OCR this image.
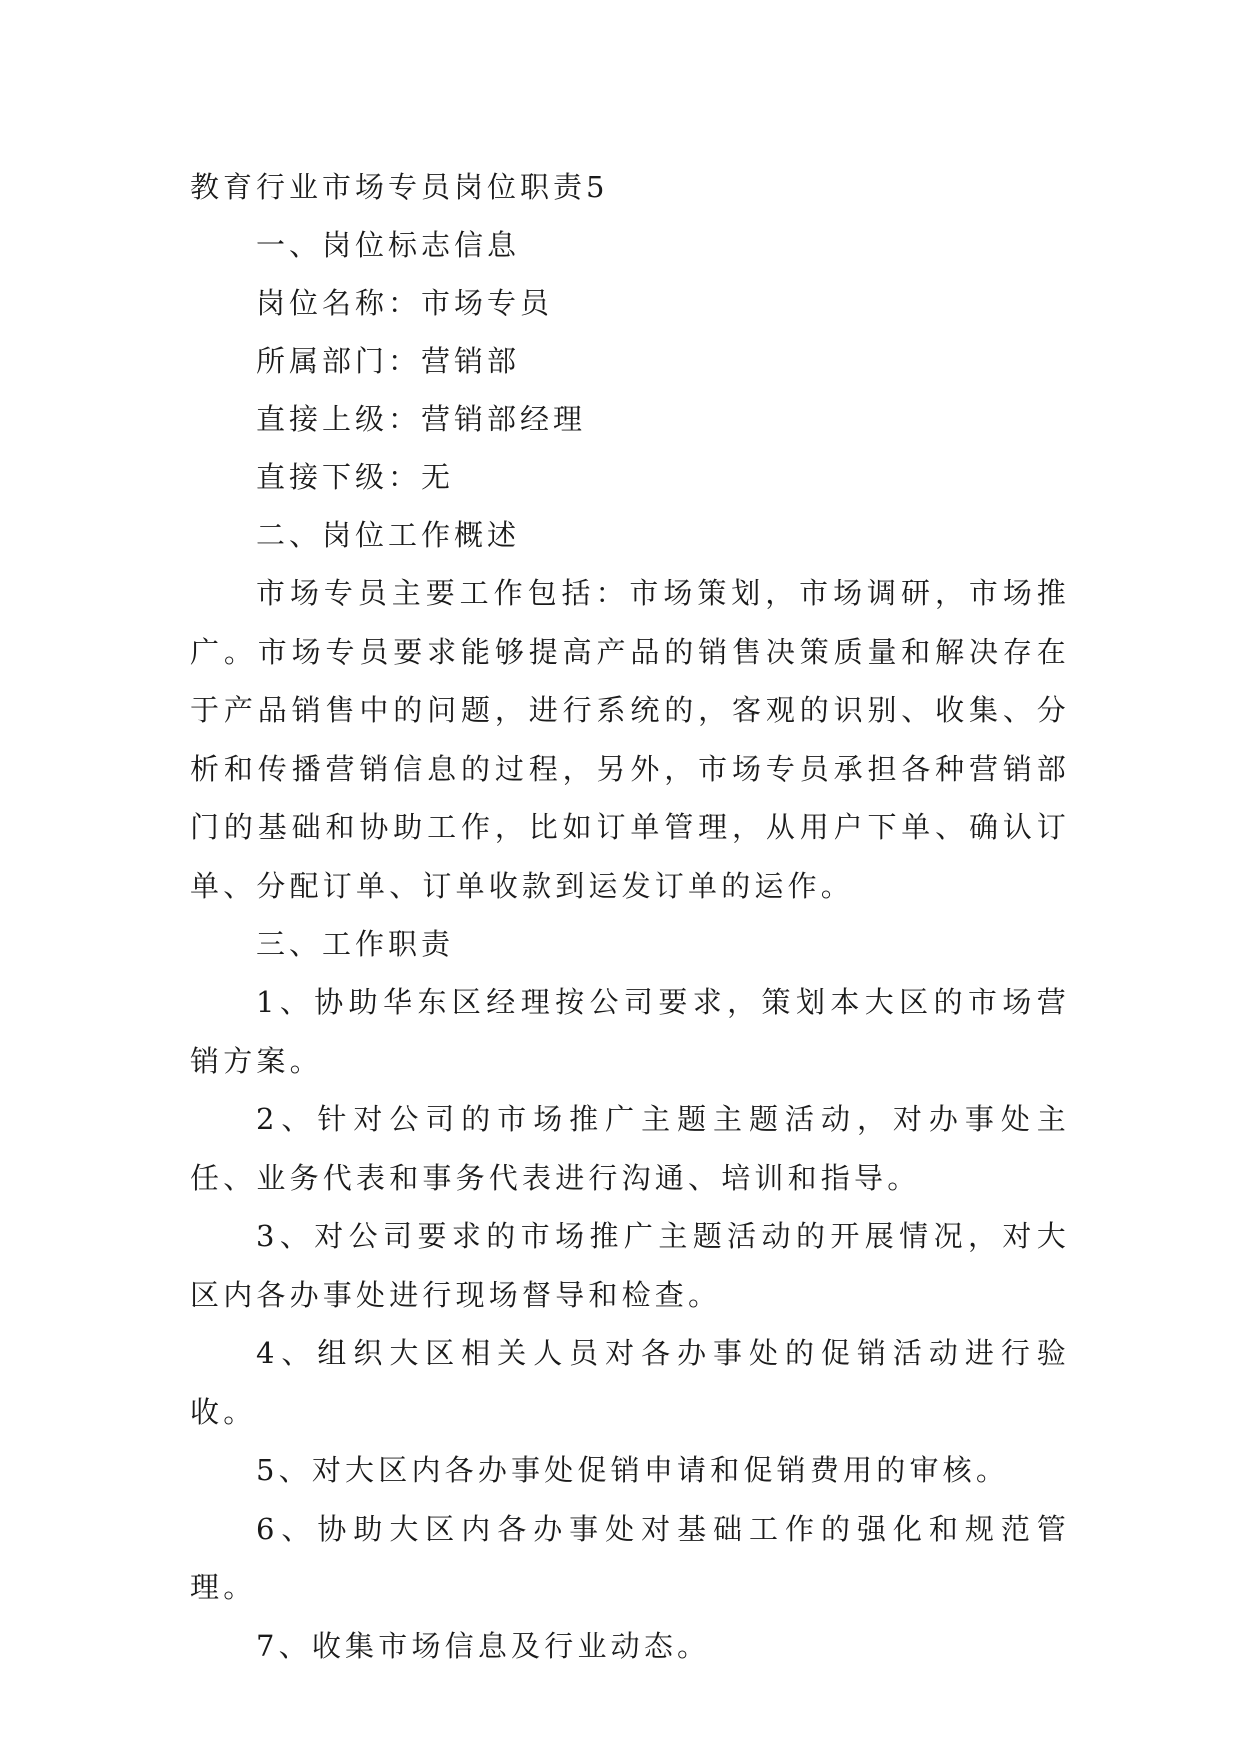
教育行业市场专员岗位职责5

一、岗位标志信息

岗位名称：市场专员

所属部门：营销部

直接上级：营销部经理

直接下级：无

二、岗位工作概述

市场专员主要工作包括：市场策划，市场调研，市场推广。市场专员要求能够提高产品的销售决策质量和解决存在于产品销售中的问题，进行系统的，客观的识别、收集、分析和传播营销信息的过程，另外，市场专员承担各种营销部门的基础和协助工作，比如订单管理，从用户下单、确认订单、分配订单、订单收款到运发订单的运作。

三、工作职责

1、协助华东区经理按公司要求，策划本大区的市场营销方案。

2、针对公司的市场推广主题主题活动，对办事处主任、业务代表和事务代表进行沟通、培训和指导。

3、对公司要求的市场推广主题活动的开展情况，对大区内各办事处进行现场督导和检查。

4、组织大区相关人员对各办事处的促销活动进行验收。

5、对大区内各办事处促销申请和促销费用的审核。

6、协助大区内各办事处对基础工作的强化和规范管理。

7、收集市场信息及行业动态。
